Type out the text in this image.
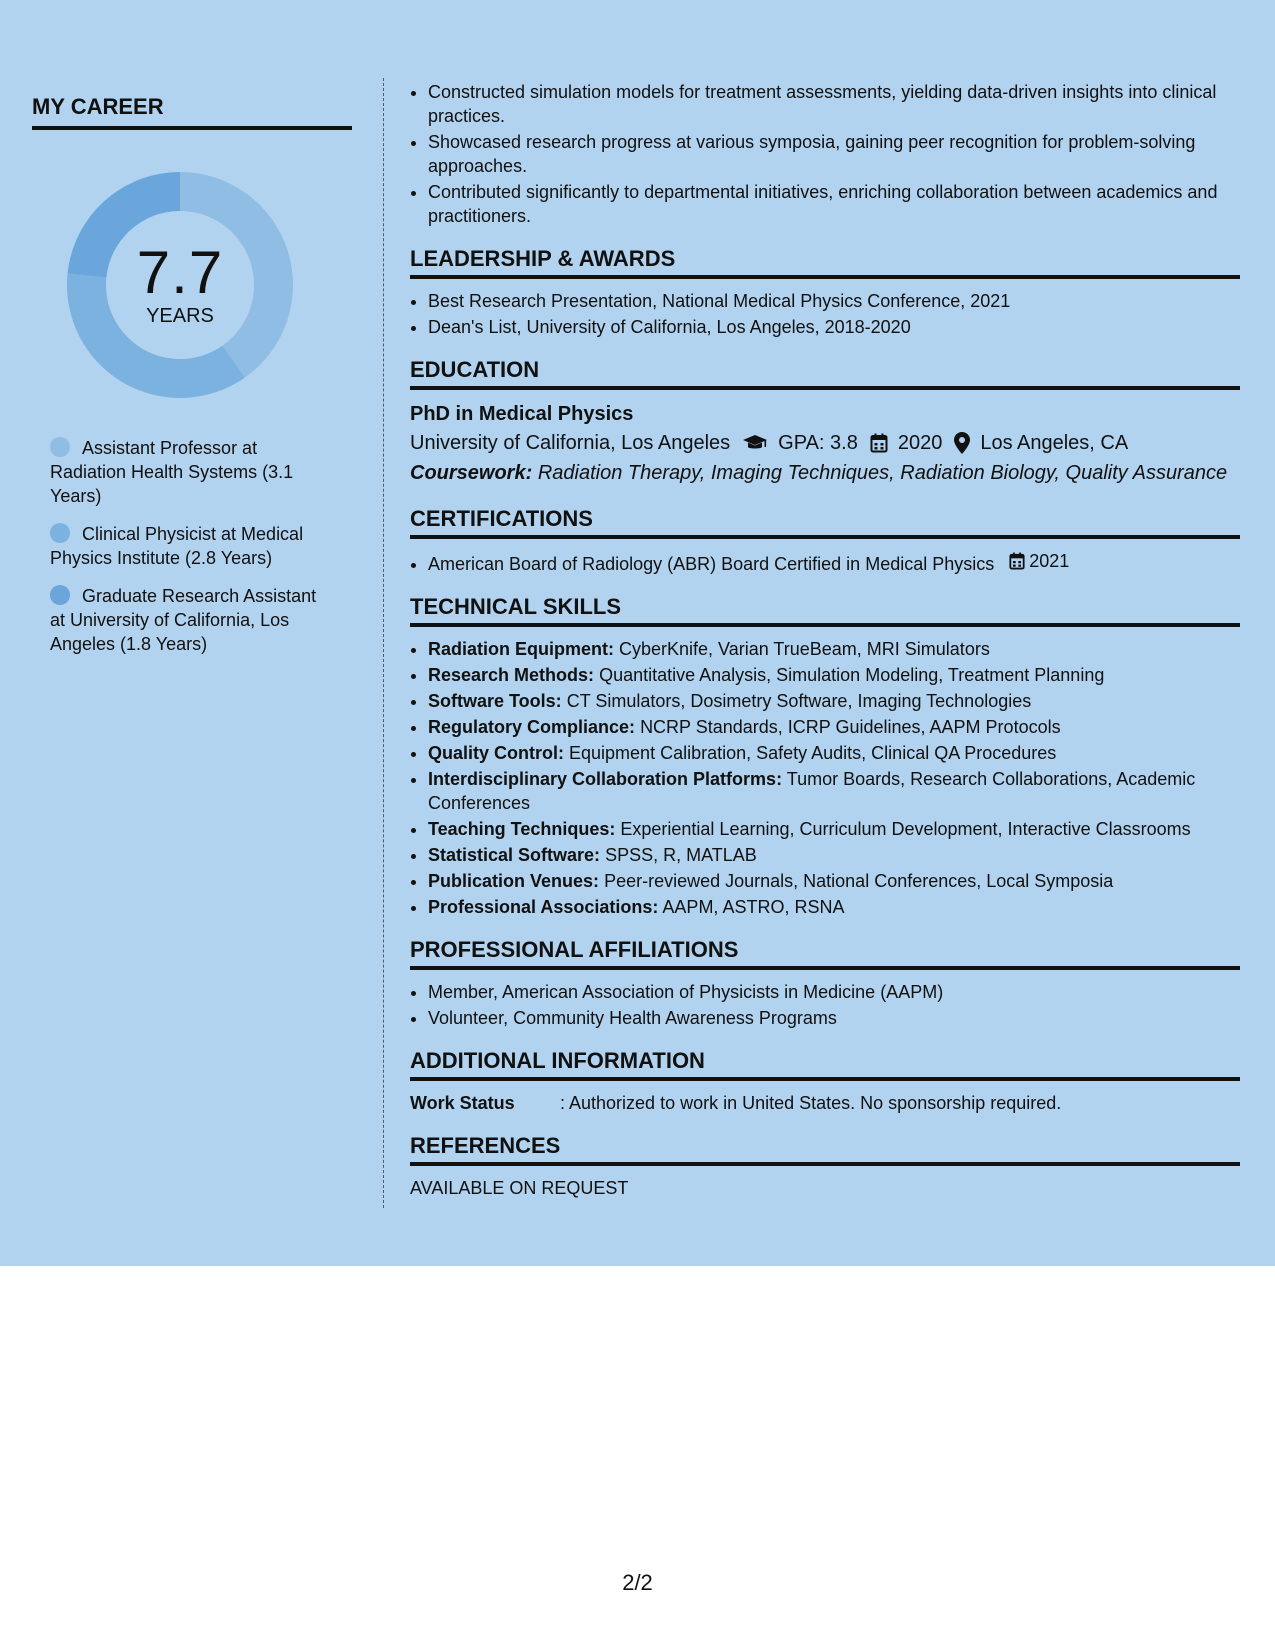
MY CAREER
7.7
YEARS
Assistant Professor at Radiation Health Systems (3.1 Years)
Clinical Physicist at Medical Physics Institute (2.8 Years)
Graduate Research Assistant at University of California, Los Angeles (1.8 Years)
• Constructed simulation models for treatment assessments, yielding data-driven insights into clinical practices.
• Showcased research progress at various symposia, gaining peer recognition for problem-solving approaches.
• Contributed significantly to departmental initiatives, enriching collaboration between academics and practitioners.
LEADERSHIP & AWARDS
• Best Research Presentation, National Medical Physics Conference, 2021
• Dean's List, University of California, Los Angeles, 2018-2020
EDUCATION
PhD in Medical Physics
University of California, Los Angeles GPA: 3.8 2020 Los Angeles, CA
Coursework: Radiation Therapy, Imaging Techniques, Radiation Biology, Quality Assurance
CERTIFICATIONS
• American Board of Radiology (ABR) Board Certified in Medical Physics 2021
TECHNICAL SKILLS
• Radiation Equipment: CyberKnife, Varian TrueBeam, MRI Simulators
• Research Methods: Quantitative Analysis, Simulation Modeling, Treatment Planning
• Software Tools: CT Simulators, Dosimetry Software, Imaging Technologies
• Regulatory Compliance: NCRP Standards, ICRP Guidelines, AAPM Protocols
• Quality Control: Equipment Calibration, Safety Audits, Clinical QA Procedures
• Interdisciplinary Collaboration Platforms: Tumor Boards, Research Collaborations, Academic Conferences
• Teaching Techniques: Experiential Learning, Curriculum Development, Interactive Classrooms
• Statistical Software: SPSS, R, MATLAB
• Publication Venues: Peer-reviewed Journals, National Conferences, Local Symposia
• Professional Associations: AAPM, ASTRO, RSNA
PROFESSIONAL AFFILIATIONS
• Member, American Association of Physicists in Medicine (AAPM)
• Volunteer, Community Health Awareness Programs
ADDITIONAL INFORMATION
Work Status	: Authorized to work in United States. No sponsorship required.
REFERENCES
AVAILABLE ON REQUEST
2/2
